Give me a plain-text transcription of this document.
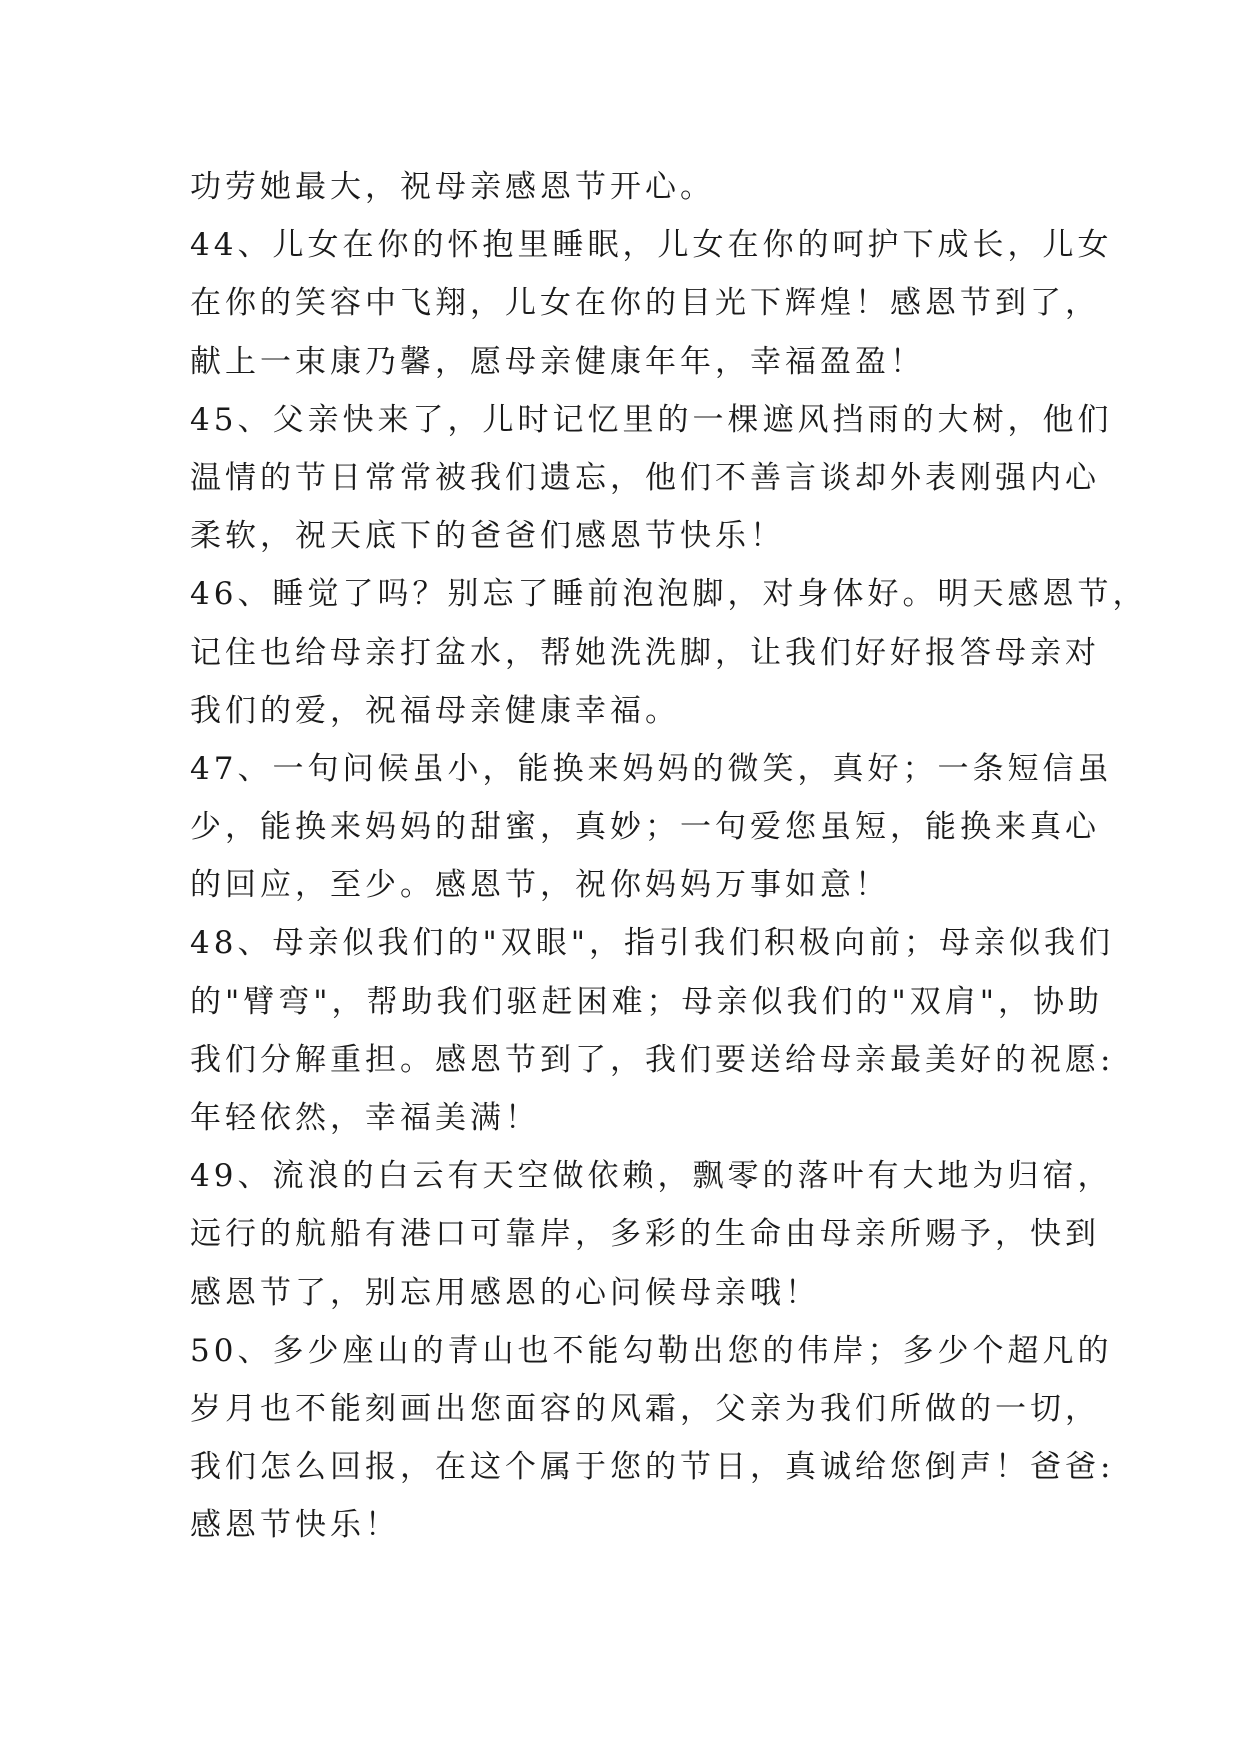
功劳她最大，祝母亲感恩节开心。
44、儿女在你的怀抱里睡眠，儿女在你的呵护下成长，儿女
在你的笑容中飞翔，儿女在你的目光下辉煌！感恩节到了，
献上一束康乃馨，愿母亲健康年年，幸福盈盈！
45、父亲快来了，儿时记忆里的一棵遮风挡雨的大树，他们
温情的节日常常被我们遗忘，他们不善言谈却外表刚强内心
柔软，祝天底下的爸爸们感恩节快乐！
46、睡觉了吗？别忘了睡前泡泡脚，对身体好。明天感恩节，
记住也给母亲打盆水，帮她洗洗脚，让我们好好报答母亲对
我们的爱，祝福母亲健康幸福。
47、一句问候虽小，能换来妈妈的微笑，真好；一条短信虽
少，能换来妈妈的甜蜜，真妙；一句爱您虽短，能换来真心
的回应，至少。感恩节，祝你妈妈万事如意！
48、母亲似我们的"双眼"，指引我们积极向前；母亲似我们
的"臂弯"，帮助我们驱赶困难；母亲似我们的"双肩"，协助
我们分解重担。感恩节到了，我们要送给母亲最美好的祝愿:
年轻依然，幸福美满！
49、流浪的白云有天空做依赖，飘零的落叶有大地为归宿，
远行的航船有港口可靠岸，多彩的生命由母亲所赐予，快到
感恩节了，别忘用感恩的心问候母亲哦！
50、多少座山的青山也不能勾勒出您的伟岸；多少个超凡的
岁月也不能刻画出您面容的风霜，父亲为我们所做的一切，
我们怎么回报，在这个属于您的节日，真诚给您倒声！爸爸:
感恩节快乐！
